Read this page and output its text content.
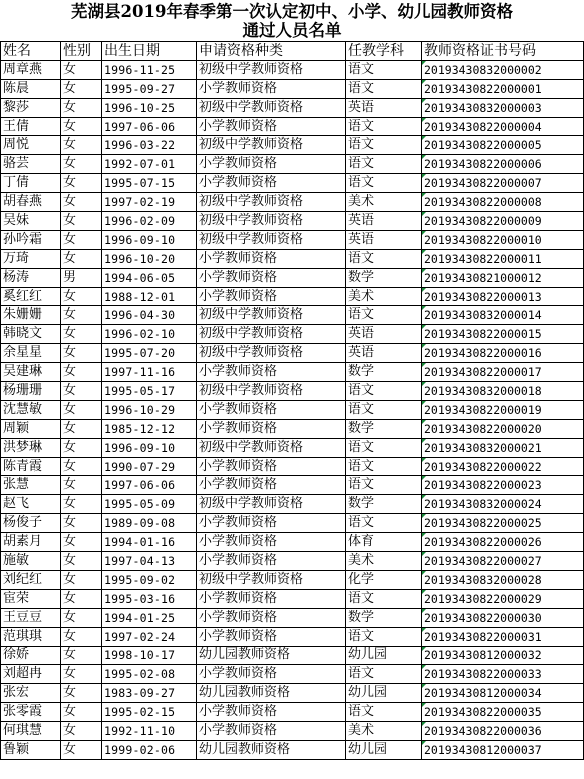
芜湖县2019年春季第一次认定初中、小学、幼儿园教师资格
通过人员名单
姓名	性别	出生日期	申请资格种类	任教学科	教师资格证书号码
周章燕	女	1996-11-25	初级中学教师资格	语文	20193430832000002
陈晨	女	1995-09-27	小学教师资格	语文	20193430822000001
黎莎	女	1996-10-25	初级中学教师资格	英语	20193430832000003
王倩	女	1997-06-06	小学教师资格	语文	20193430822000004
周悦	女	1996-03-22	初级中学教师资格	语文	20193430822000005
骆芸	女	1992-07-01	小学教师资格	语文	20193430822000006
丁倩	女	1995-07-15	小学教师资格	语文	20193430822000007
胡春燕	女	1997-02-19	初级中学教师资格	美术	20193430822000008
吴妹	女	1996-02-09	初级中学教师资格	英语	20193430822000009
孙吟霜	女	1996-09-10	初级中学教师资格	英语	20193430822000010
万琦	女	1996-10-20	小学教师资格	语文	20193430822000011
杨涛	男	1994-06-05	小学教师资格	数学	20193430821000012
奚红红	女	1988-12-01	小学教师资格	美术	20193430822000013
朱姗姗	女	1996-04-30	初级中学教师资格	语文	20193430832000014
韩晓文	女	1996-02-10	初级中学教师资格	英语	20193430822000015
余星星	女	1995-07-20	初级中学教师资格	英语	20193430822000016
吴建琳	女	1997-11-16	小学教师资格	数学	20193430822000017
杨珊珊	女	1995-05-17	初级中学教师资格	语文	20193430832000018
沈慧敏	女	1996-10-29	小学教师资格	语文	20193430822000019
周颖	女	1985-12-12	小学教师资格	数学	20193430822000020
洪梦琳	女	1996-09-10	初级中学教师资格	语文	20193430832000021
陈青霞	女	1990-07-29	小学教师资格	语文	20193430822000022
张慧	女	1997-06-06	小学教师资格	语文	20193430822000023
赵飞	女	1995-05-09	初级中学教师资格	数学	20193430832000024
杨俊子	女	1989-09-08	小学教师资格	语文	20193430822000025
胡素月	女	1994-01-16	小学教师资格	体育	20193430822000026
施敏	女	1997-04-13	小学教师资格	美术	20193430822000027
刘纪红	女	1995-09-02	初级中学教师资格	化学	20193430832000028
宦荣	女	1995-03-16	小学教师资格	语文	20193430822000029
王豆豆	女	1994-01-25	小学教师资格	数学	20193430822000030
范琪琪	女	1997-02-24	小学教师资格	语文	20193430822000031
徐娇	女	1998-10-17	幼儿园教师资格	幼儿园	20193430812000032
刘超冉	女	1995-02-08	小学教师资格	语文	20193430822000033
张宏	女	1983-09-27	幼儿园教师资格	幼儿园	20193430812000034
张零霞	女	1995-02-15	小学教师资格	语文	20193430822000035
何琪慧	女	1992-11-10	小学教师资格	美术	20193430822000036
鲁颖	女	1999-02-06	幼儿园教师资格	幼儿园	20193430812000037
